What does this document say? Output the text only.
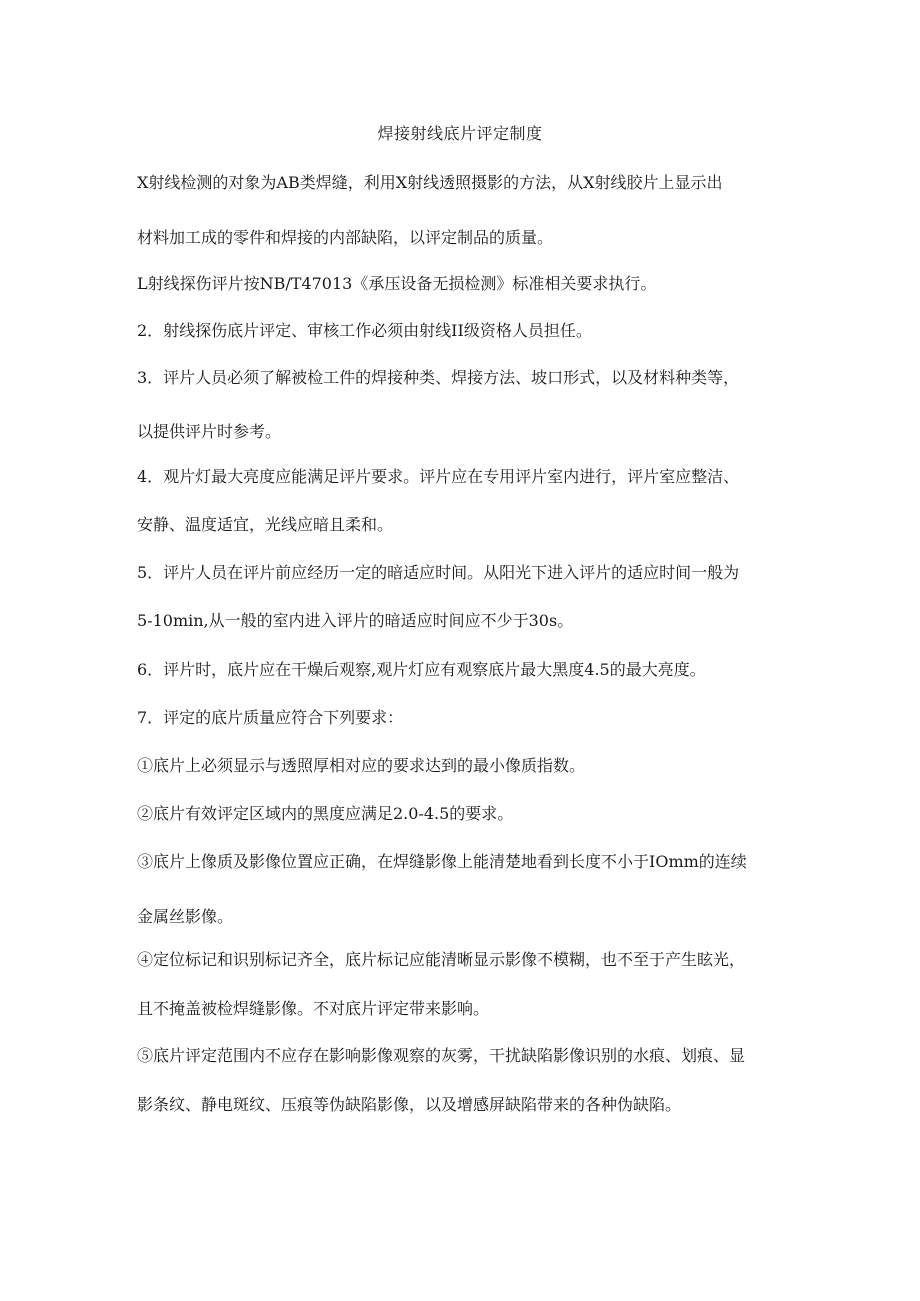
焊接射线底片评定制度
X射线检测的对象为AB类焊缝，利用X射线透照摄影的方法，从X射线胶片上显示出
材料加工成的零件和焊接的内部缺陷，以评定制品的质量。
L射线探伤评片按NB/T47013《承压设备无损检测》标准相关要求执行。
2．射线探伤底片评定、审核工作必须由射线II级资格人员担任。
3．评片人员必须了解被检工件的焊接种类、焊接方法、坡口形式，以及材料种类等，
以提供评片时参考。
4．观片灯最大亮度应能满足评片要求。评片应在专用评片室内进行，评片室应整洁、
安静、温度适宜，光线应暗且柔和。
5．评片人员在评片前应经历一定的暗适应时间。从阳光下进入评片的适应时间一般为
5-10min,从一般的室内进入评片的暗适应时间应不少于30s。
6．评片时，底片应在干燥后观察,观片灯应有观察底片最大黑度4.5的最大亮度。
7．评定的底片质量应符合下列要求：
①底片上必须显示与透照厚相对应的要求达到的最小像质指数。
②底片有效评定区域内的黑度应满足2.0-4.5的要求。
③底片上像质及影像位置应正确，在焊缝影像上能清楚地看到长度不小于IOmm的连续
金属丝影像。
④定位标记和识别标记齐全，底片标记应能清晰显示影像不模糊，也不至于产生眩光，
且不掩盖被检焊缝影像。不对底片评定带来影响。
⑤底片评定范围内不应存在影响影像观察的灰雾，干扰缺陷影像识别的水痕、划痕、显
影条纹、静电斑纹、压痕等伪缺陷影像，以及增感屏缺陷带来的各种伪缺陷。
